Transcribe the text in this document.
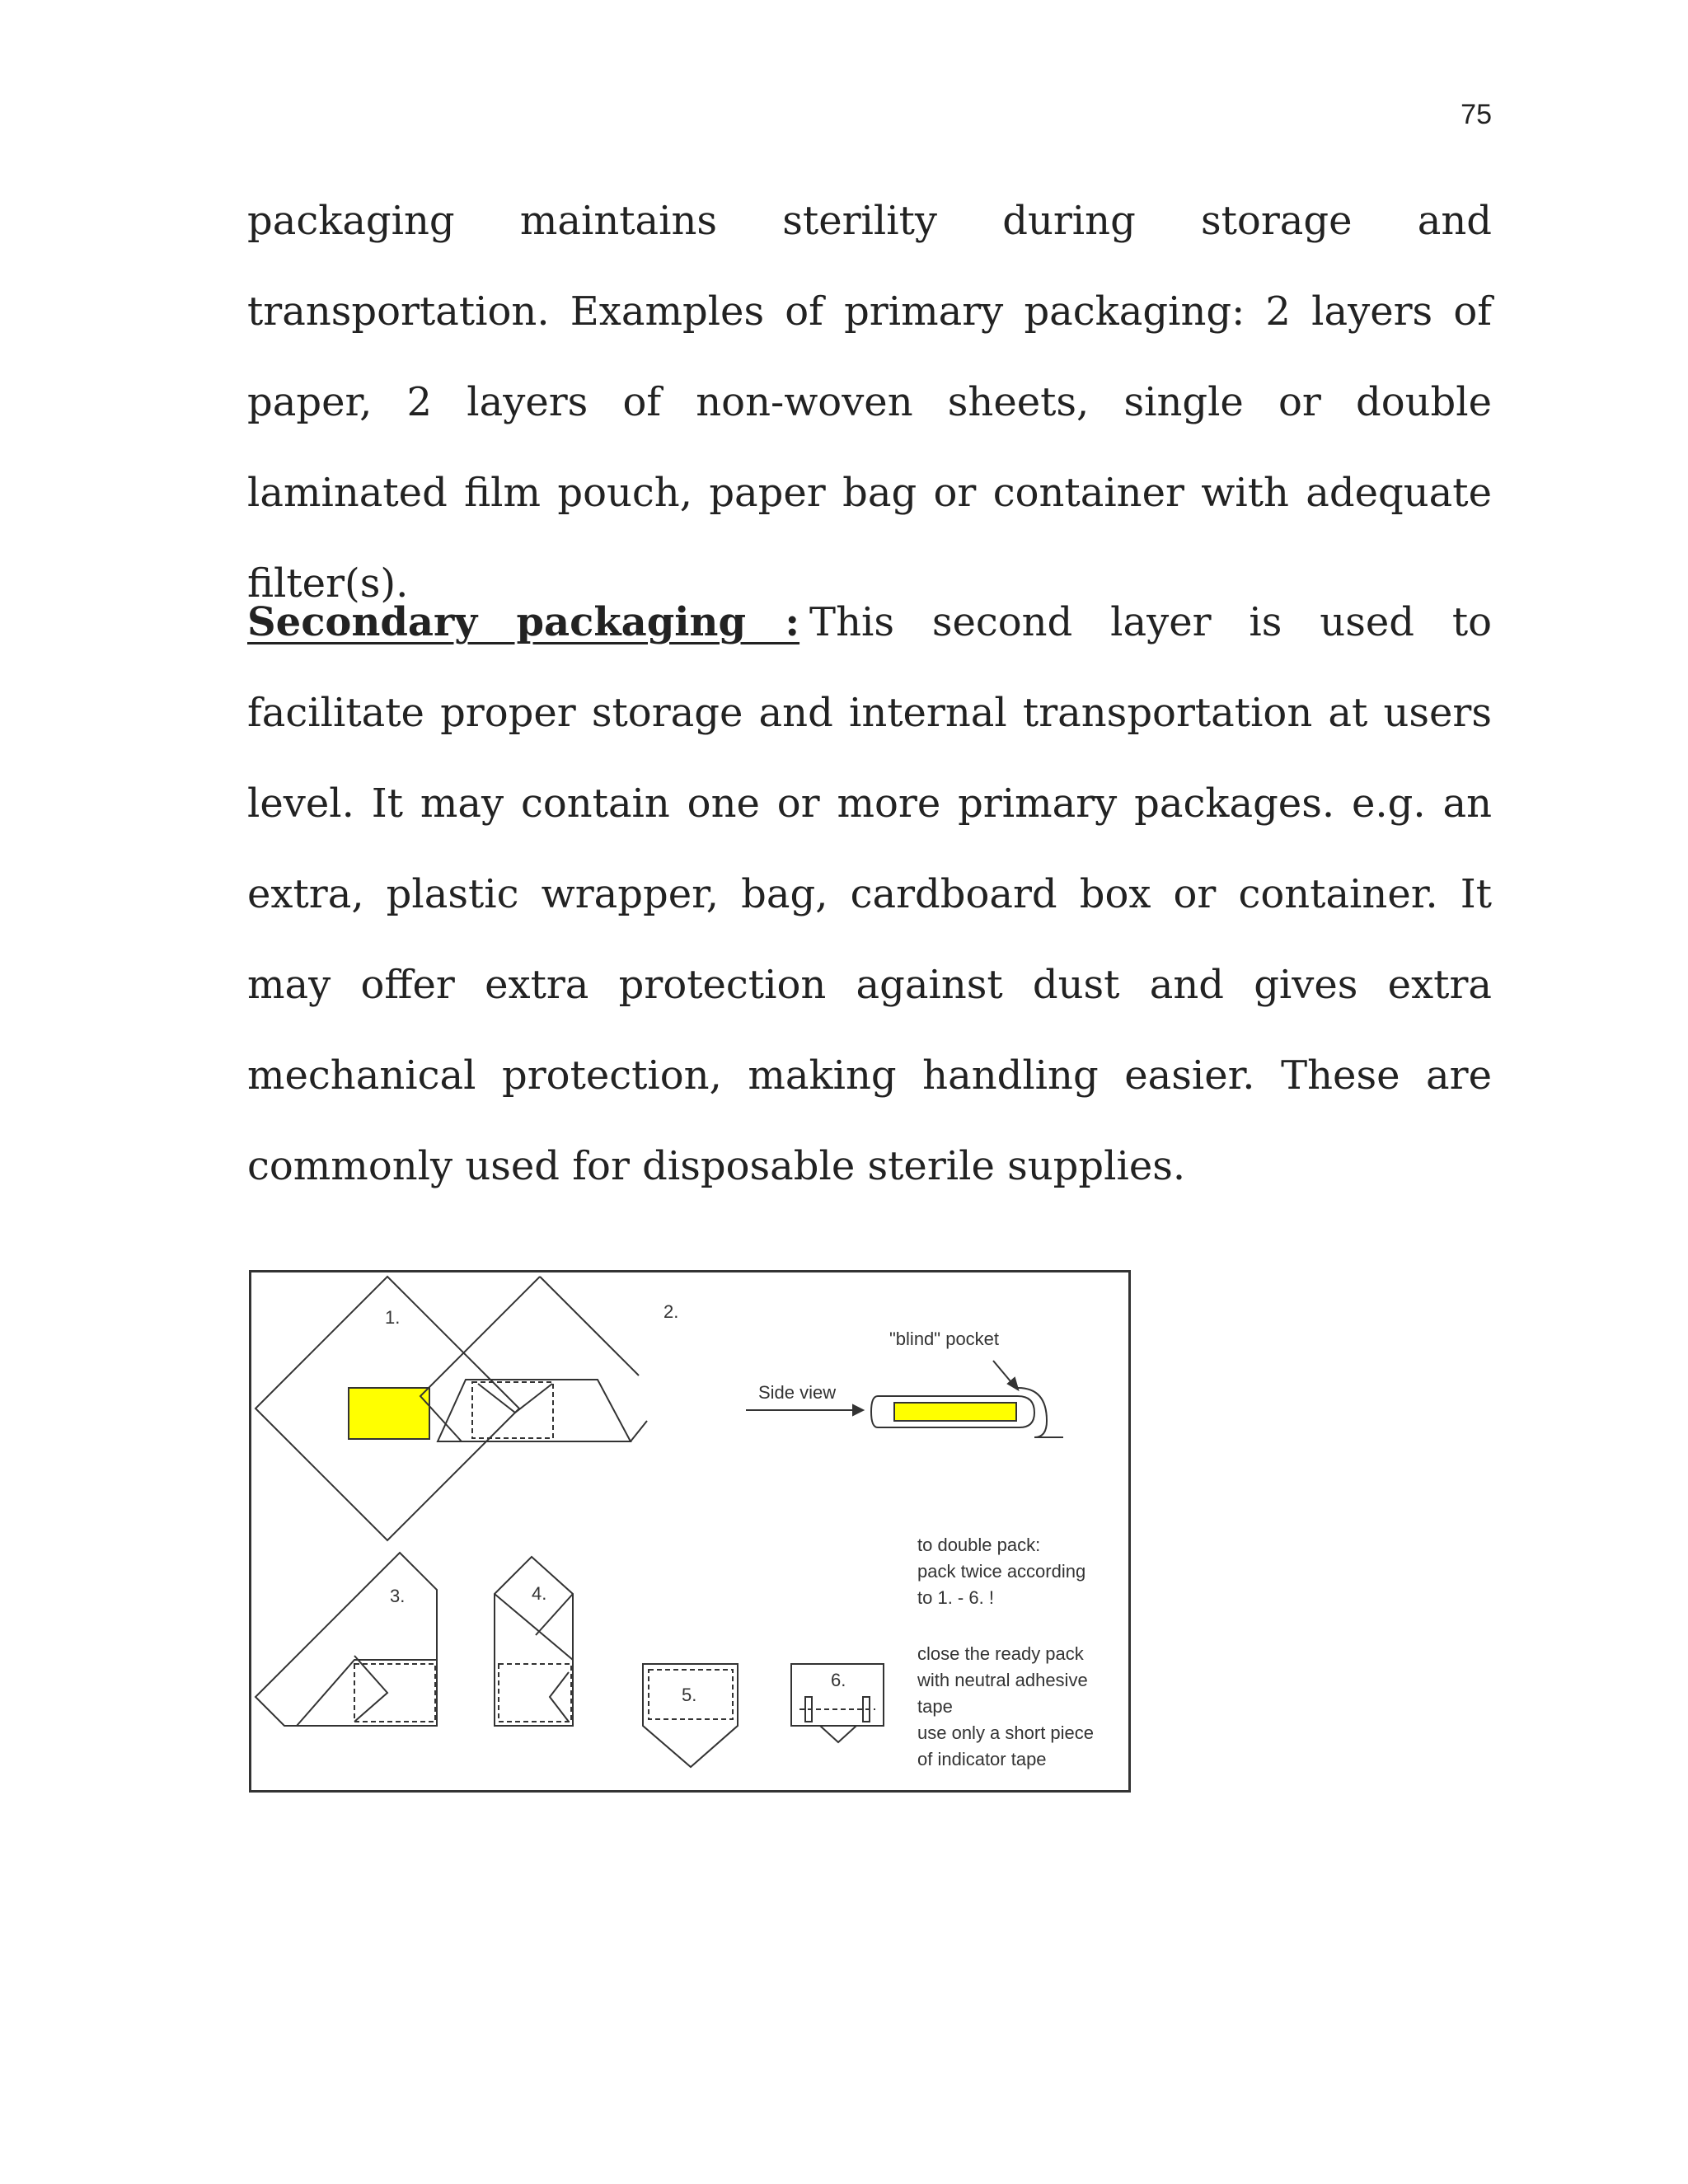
75

packaging maintains sterility during storage and transportation. Examples of primary packaging: 2 layers of paper, 2 layers of non-woven sheets, single or double laminated film pouch, paper bag or container with adequate filter(s).

Secondary packaging : This second layer is used to facilitate proper storage and internal transportation at users level. It may contain one or more primary packages. e.g. an extra, plastic wrapper, bag, cardboard box or container. It may offer extra protection against dust and gives extra mechanical protection, making handling easier. These are commonly used for disposable sterile supplies.

1.	2.
3.	4.
5.
6.
Side view
"blind" pocket
to double pack:
pack twice according
to 1. - 6. !
close the ready pack
with neutral adhesive
tape
use only a short piece
of indicator tape
